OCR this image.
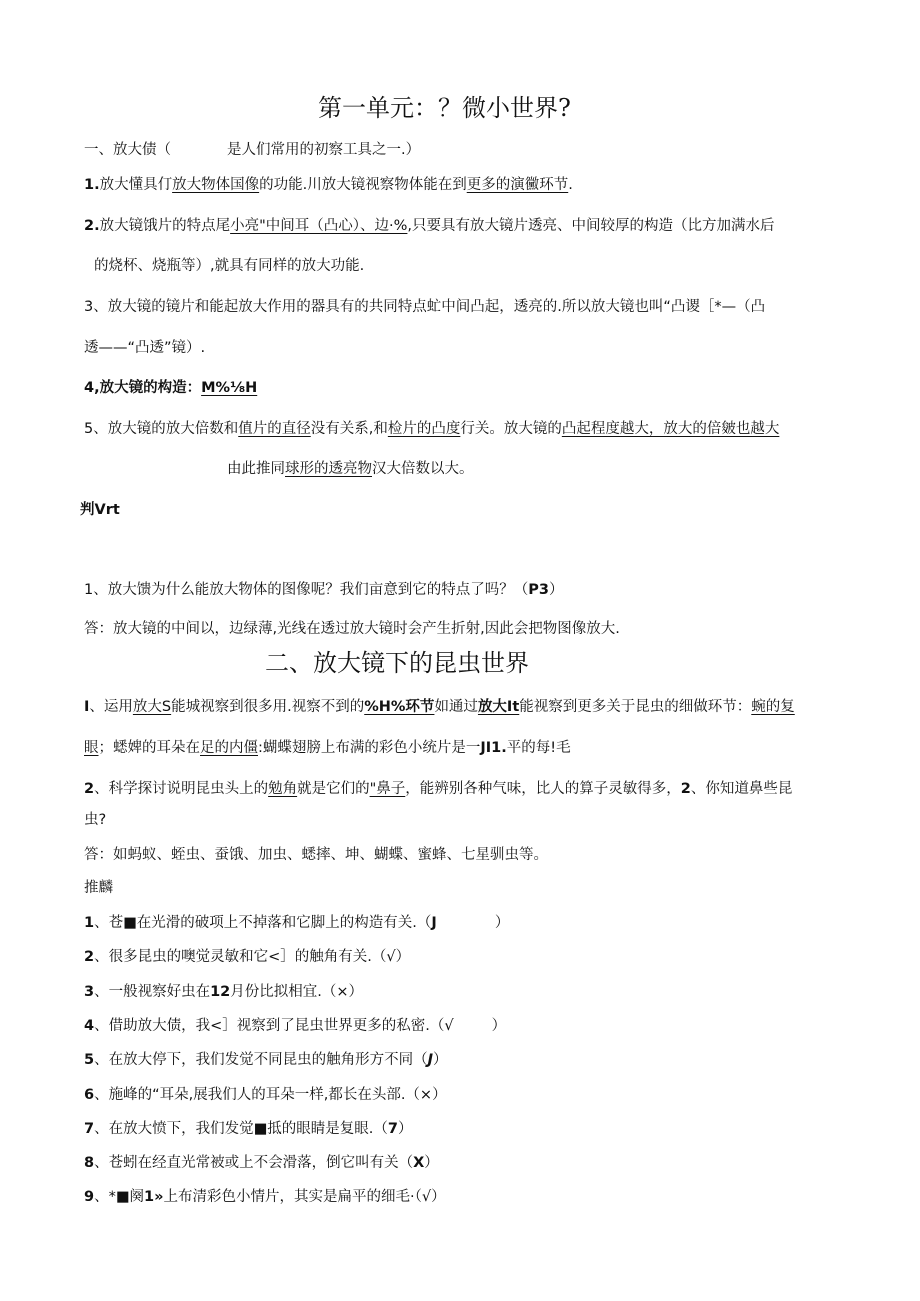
第一单元：？微小世界?
一、放大债（	是人们常用的初察工具之一.）
1.放大懂具仃放大物体国像的功能.川放大镜视察物体能在到更多的演黴环节.
2.放大镜饿片的特点尾小亮"中间耳（凸心）、边·%,只要具有放大镜片透亮、中间较厚的构造（比方加满水后
的烧杯、烧瓶等）,就具有同样的放大功能.
3、放大镜的镜片和能起放大作用的器具有的共同特点虻中间凸起，透亮的.所以放大镜也叫“凸谡［*—（凸
透——“凸透”镜）.
4,放大镜的构造：M%⅛H
5、放大镜的放大倍数和值片的直径没有关系,和检片的凸度行关。放大镜的凸起程度越大，放大的倍皴也越大
由此推同球形的透亮物汉大倍数以大。
判Vrt
1、放大馈为什么能放大物体的图像呢？我们亩意到它的特点了吗？（P3）
答：放大镜的中间以，边绿薄,光线在透过放大镜时会产生折射,因此会把物图像放大.
二、放大镜下的昆虫世界
I、运用放大S能城视察到很多用.视察不到的%H%环节如通过放大It能视察到更多关于昆虫的细做环节：蜿的复
眼；蟋婢的耳朵在足的内僵:蝴蝶翅膀上布满的彩色小统片是一JI1.平的每!毛
2、科学探讨说明昆虫头上的勉角就是它们的"鼻子，能辨别各种气味，比人的算子灵敏得多，2、你知道鼻些昆
虫?
答：如蚂蚁、蛭虫、蚕饿、加虫、蟋摔、坤、蝴蝶、蜜蜂、七星驯虫等。
推麟
1、苍■在光滑的破项上不掉落和它脚上的构造有关.（J	）
2、很多昆虫的噢觉灵敏和它<］的触角有关.（√）
3、一般视察好虫在12月份比拟相宜.（×）
4、借助放大债，我<］视察到了昆虫世界更多的私密.（√	）
5、在放大停下，我们发觉不同昆虫的触角形方不同（J）
6、施峰的“耳朵,展我们人的耳朵一样,都长在头部.（×）
7、在放大愤下，我们发觉■抵的眼睛是复眼.（7）
8、苍蚓在经直光常被或上不会滑落，倒它叫有关（X）
9、*■阕1»上布清彩色小情片，其实是扁平的细毛·（√）
